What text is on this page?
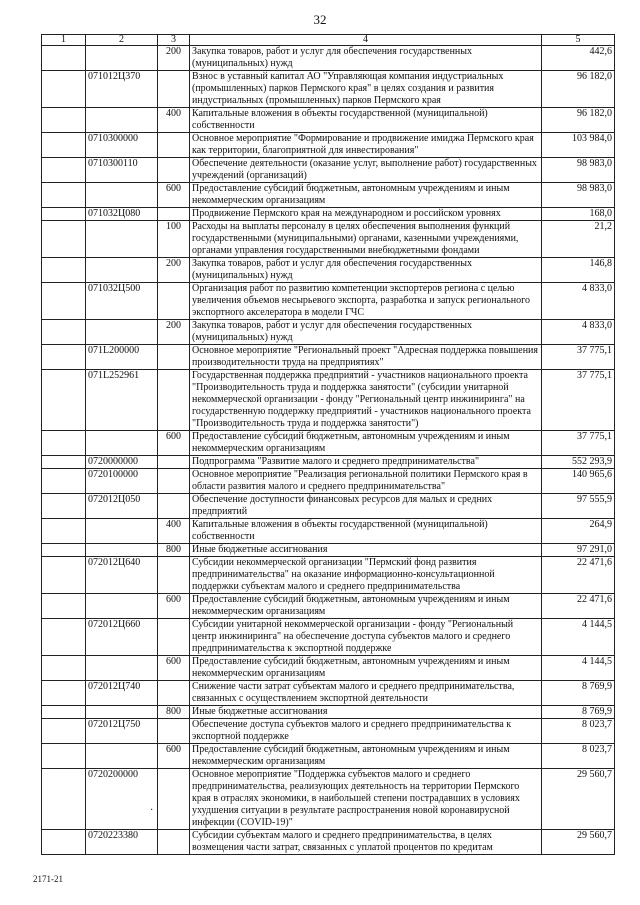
32
1	2	3	4	5
		200	Закупка товаров, работ и услуг для обеспечения государственных (муниципальных) нужд	442,6
	071012Ц370		Взнос в уставный капитал АО "Управляющая компания индустриальных (промышленных) парков Пермского края" в целях создания и развития индустриальных (промышленных) парков Пермского края	96 182,0
		400	Капитальные вложения в объекты государственной (муниципальной) собственности	96 182,0
	0710300000		Основное мероприятие "Формирование и продвижение имиджа Пермского края как территории, благоприятной для инвестирования"	103 984,0
	0710300110		Обеспечение деятельности (оказание услуг, выполнение работ) государственных учреждений (организаций)	98 983,0
		600	Предоставление субсидий бюджетным, автономным учреждениям и иным некоммерческим организациям	98 983,0
	071032Ц080		Продвижение Пермского края на международном и российском уровнях	168,0
		100	Расходы на выплаты персоналу в целях обеспечения выполнения функций государственными (муниципальными) органами, казенными учреждениями, органами управления государственными внебюджетными фондами	21,2
		200	Закупка товаров, работ и услуг для обеспечения государственных (муниципальных) нужд	146,8
	071032Ц500		Организация работ по развитию компетенции экспортеров региона с целью увеличения объемов несырьевого экспорта, разработка и запуск регионального экспортного акселератора в модели ГЧС	4 833,0
		200	Закупка товаров, работ и услуг для обеспечения государственных (муниципальных) нужд	4 833,0
	071L200000		Основное мероприятие "Региональный проект "Адресная поддержка повышения производительности труда на предприятиях"	37 775,1
	071L252961		Государственная поддержка предприятий - участников национального проекта "Производительность труда и поддержка занятости" (субсидии унитарной некоммерческой организации - фонду "Региональный центр инжиниринга" на государственную поддержку предприятий - участников национального проекта "Производительность труда и поддержка занятости")	37 775,1
		600	Предоставление субсидий бюджетным, автономным учреждениям и иным некоммерческим организациям	37 775,1
	0720000000		Подпрограмма "Развитие малого и среднего предпринимательства"	552 293,9
	0720100000		Основное мероприятие "Реализация региональной политики Пермского края в области развития малого и среднего предпринимательства"	140 965,6
	072012Ц050		Обеспечение доступности финансовых ресурсов для малых и средних предприятий	97 555,9
		400	Капитальные вложения в объекты государственной (муниципальной) собственности	264,9
		800	Иные бюджетные ассигнования	97 291,0
	072012Ц640		Субсидии некоммерческой организации "Пермский фонд развития предпринимательства" на оказание информационно-консультационной поддержки субъектам малого и среднего предпринимательства	22 471,6
		600	Предоставление субсидий бюджетным, автономным учреждениям и иным некоммерческим организациям	22 471,6
	072012Ц660		Субсидии унитарной некоммерческой организации - фонду "Региональный центр инжиниринга" на обеспечение доступа субъектов малого и среднего предпринимательства к экспортной поддержке	4 144,5
		600	Предоставление субсидий бюджетным, автономным учреждениям и иным некоммерческим организациям	4 144,5
	072012Ц740		Снижение части затрат субъектам малого и среднего предпринимательства, связанных с осуществлением экспортной деятельности	8 769,9
		800	Иные бюджетные ассигнования	8 769,9
	072012Ц750		Обеспечение доступа субъектов малого и среднего предпринимательства к экспортной поддержке	8 023,7
		600	Предоставление субсидий бюджетным, автономным учреждениям и иным некоммерческим организациям	8 023,7
	0720200000		Основное мероприятие "Поддержка субъектов малого и среднего предпринимательства, реализующих деятельность на территории Пермского края в отраслях экономики, в наибольшей степени пострадавших в условиях ухудшения ситуации в результате распространения новой коронавирусной инфекции (COVID-19)"	29 560,7
	0720223380		Субсидии субъектам малого и среднего предпринимательства, в целях возмещения части затрат, связанных с уплатой процентов по кредитам	29 560,7
·
2171-21
